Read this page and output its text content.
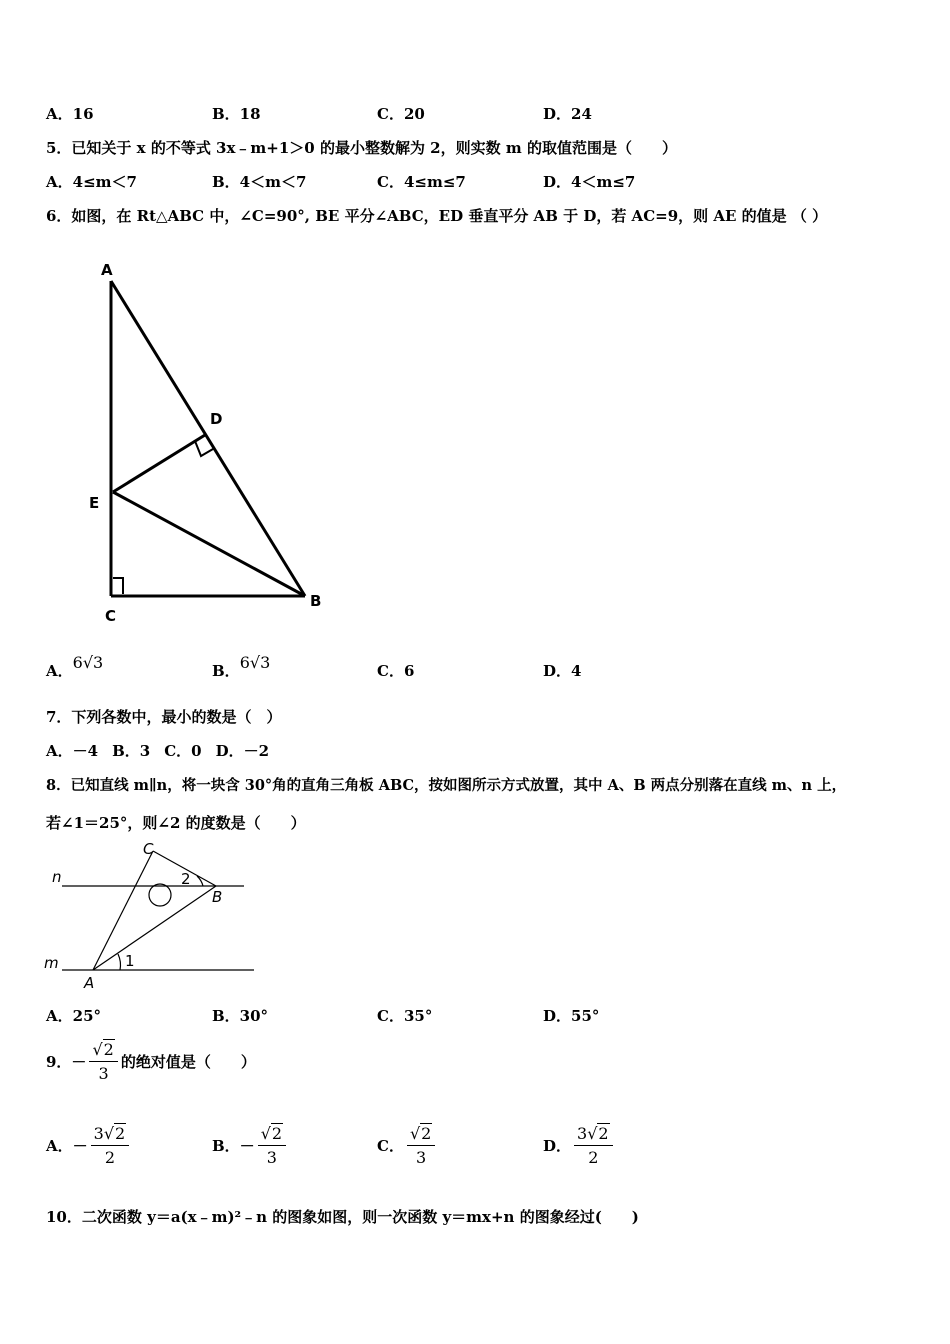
A．16	B．18	C．20	D．24
5．已知关于 x 的不等式 3x﹣m+1＞0 的最小整数解为 2，则实数 m 的取值范围是（　　）
A．4≤m＜7	B．4＜m＜7	C．4≤m≤7	D．4＜m≤7
6．如图，在 Rt△ABC 中，∠C=90°, BE 平分∠ABC，ED 垂直平分 AB 于 D，若 AC=9，则 AE 的值是 （ ）
A
D
E
C
B
A．6√3	B．6√3	C．6	D．4
7．下列各数中，最小的数是（　）
A．－4 B．3 C．0 D．－2
8．已知直线 m∥n，将一块含 30°角的直角三角板 ABC，按如图所示方式放置，其中 A、B 两点分别落在直线 m、n 上，
若∠1＝25°，则∠2 的度数是（　　）
C
n
B
m
A
2
1
A．25°	B．30°	C．35°	D．55°
9．－ $\frac{√2}{3}$ 的绝对值是（　　）
A．－ $\frac{3√2}{2}$	B．－ $\frac{√2}{3}$	C． $\frac{√2}{3}$	D． $\frac{3√2}{2}$
10．二次函数 y＝a(x﹣m)²﹣n 的图象如图，则一次函数 y＝mx+n 的图象经过(　　)
